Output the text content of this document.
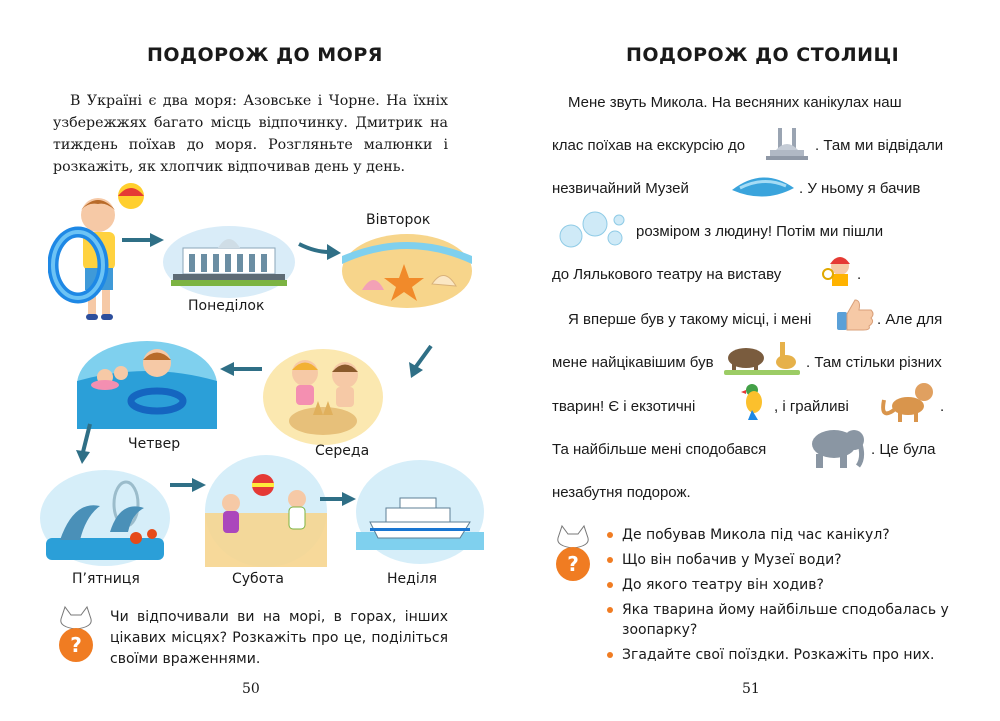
ПОДОРОЖ ДО МОРЯ
В Україні є два моря: Азовське і Чорне. На їхніх узбережжях багато місць відпочинку. Дмитрик на тиждень поїхав до моря. Розгляньте малюнки і розкажіть, як хлопчик відпочивав день у день.
Понеділок
Вівторок
Середа
Четвер
П’ятниця	Субота	Неділя
?
Чи відпочивали ви на морі, в горах, інших цікавих місцях? Розкажіть про це, поділіться своїми враженнями.
50
ПОДОРОЖ ДО СТОЛИЦІ
Мене звуть Микола. На весняних канікулах наш
клас поїхав на екскурсію до	. Там ми відвідали
незвичайний Музей	. У ньому я бачив
розміром з людину! Потім ми пішли
до Лялькового театру на виставу	.
Я вперше був у такому місці, і мені	. Але для
мене найцікавішим був	. Там стільки різних
тварин! Є і екзотичні	, і грайливі	.
Та найбільше мені сподобався	. Це була
незабутня подорож.
?
Де побував Микола під час канікул?
Що він побачив у Музеї води?
До якого театру він ходив?
Яка тварина йому найбільше сподобалась у зоопарку?
Згадайте свої поїздки. Розкажіть про них.
51
